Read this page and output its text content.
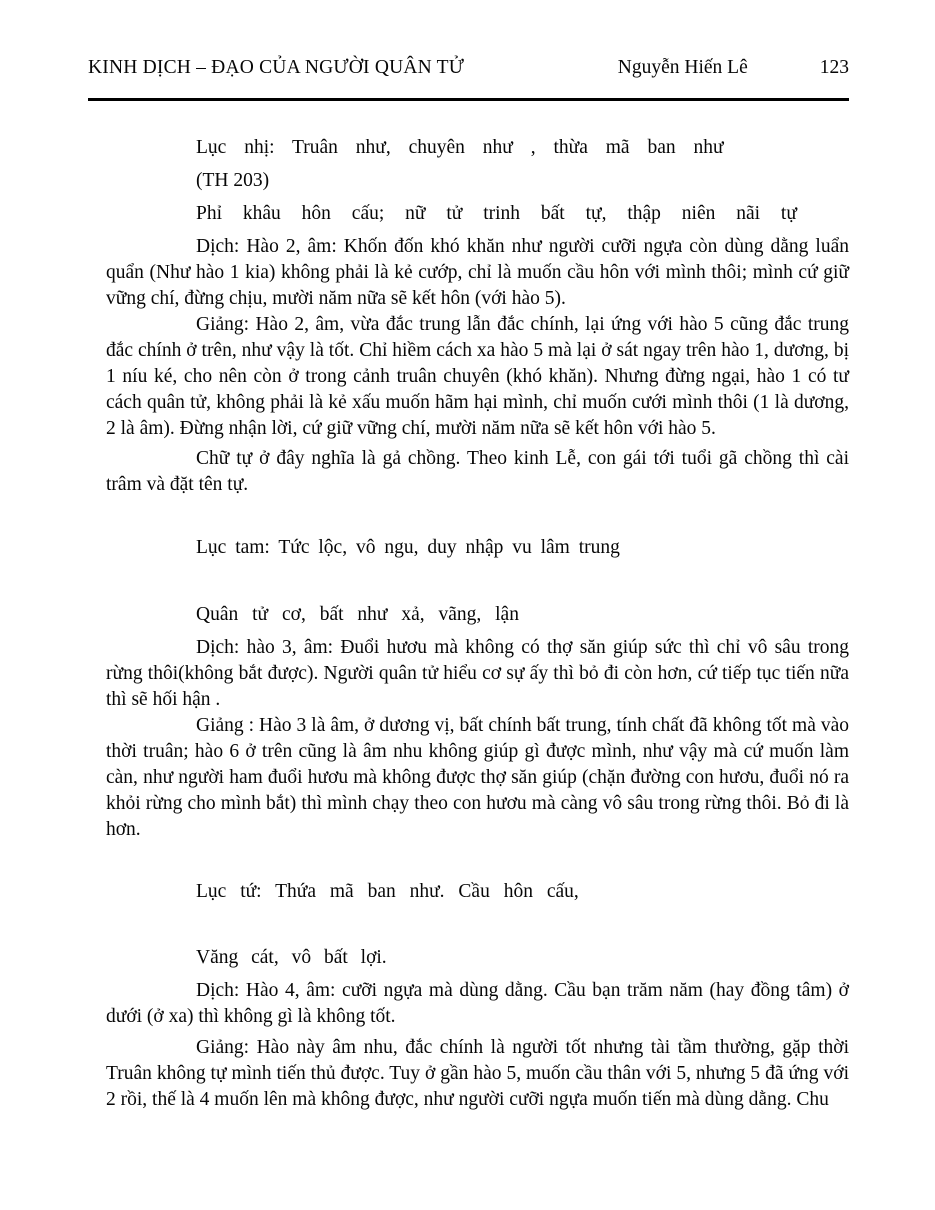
KINH DỊCH – ĐẠO CỦA NGƯỜI QUÂN TỬ	Nguyễn Hiến Lê	123

Lục nhị: Truân như, chuyên như , thừa mã ban như

(TH 203)

Phỉ khâu hôn cấu; nữ tử trinh bất tự, thập niên nãi tự

Dịch: Hào 2, âm: Khốn đốn khó khăn như người cưỡi ngựa còn dùng dằng luẩn quẩn (Như hào 1 kia) không phải là kẻ cướp, chỉ là muốn cầu hôn với mình thôi; mình cứ giữ vững chí, đừng chịu, mười năm nữa sẽ kết hôn (với hào 5).

Giảng: Hào 2, âm, vừa đắc trung lẫn đắc chính, lại ứng với hào 5 cũng đắc trung đắc chính ở trên, như vậy là tốt. Chỉ hiềm cách xa hào 5 mà lại ở sát ngay trên hào 1, dương, bị 1 níu ké, cho nên còn ở trong cảnh truân chuyên (khó khăn). Nhưng đừng ngại, hào 1 có tư cách quân tử, không phải là kẻ xấu muốn hãm hại mình, chỉ muốn cưới mình thôi (1 là dương, 2 là âm). Đừng nhận lời, cứ giữ vững chí, mười năm nữa sẽ kết hôn với hào 5.

Chữ tự ở đây nghĩa là gả chồng. Theo kinh Lễ, con gái tới tuổi gã chồng thì cài trâm và đặt tên tự.

Lục tam: Tức lộc, vô ngu, duy nhập vu lâm trung

Quân tử cơ, bất như xả, vãng, lận

Dịch: hào 3, âm: Đuổi hươu mà không có thợ săn giúp sức thì chỉ vô sâu trong rừng thôi(không bắt được). Người quân tử hiểu cơ sự ấy thì bỏ đi còn hơn, cứ tiếp tục tiến nữa thì sẽ hối hận .

Giảng : Hào 3 là âm, ở dương vị, bất chính bất trung, tính chất đã không tốt mà vào thời truân; hào 6 ở trên cũng là âm nhu không giúp gì được mình, như vậy mà cứ muốn làm càn, như người ham đuổi hươu mà không được thợ săn giúp (chặn đường con hươu, đuổi nó ra khỏi rừng cho mình bắt) thì mình chạy theo con hươu mà càng vô sâu trong rừng thôi. Bỏ đi là hơn.

Lục tứ: Thứa mã ban như. Cầu hôn cấu,

Văng cát, vô bất lợi.

Dịch: Hào 4, âm: cưỡi ngựa mà dùng dằng. Cầu bạn trăm năm (hay đồng tâm) ở dưới (ở xa) thì không gì là không tốt.

Giảng: Hào này âm nhu, đắc chính là người tốt nhưng tài tầm thường, gặp thời Truân không tự mình tiến thủ được. Tuy ở gần hào 5, muốn cầu thân với 5, nhưng 5 đã ứng với 2 rồi, thế là 4 muốn lên mà không được, như người cưỡi ngựa muốn tiến mà dùng dằng. Chu
